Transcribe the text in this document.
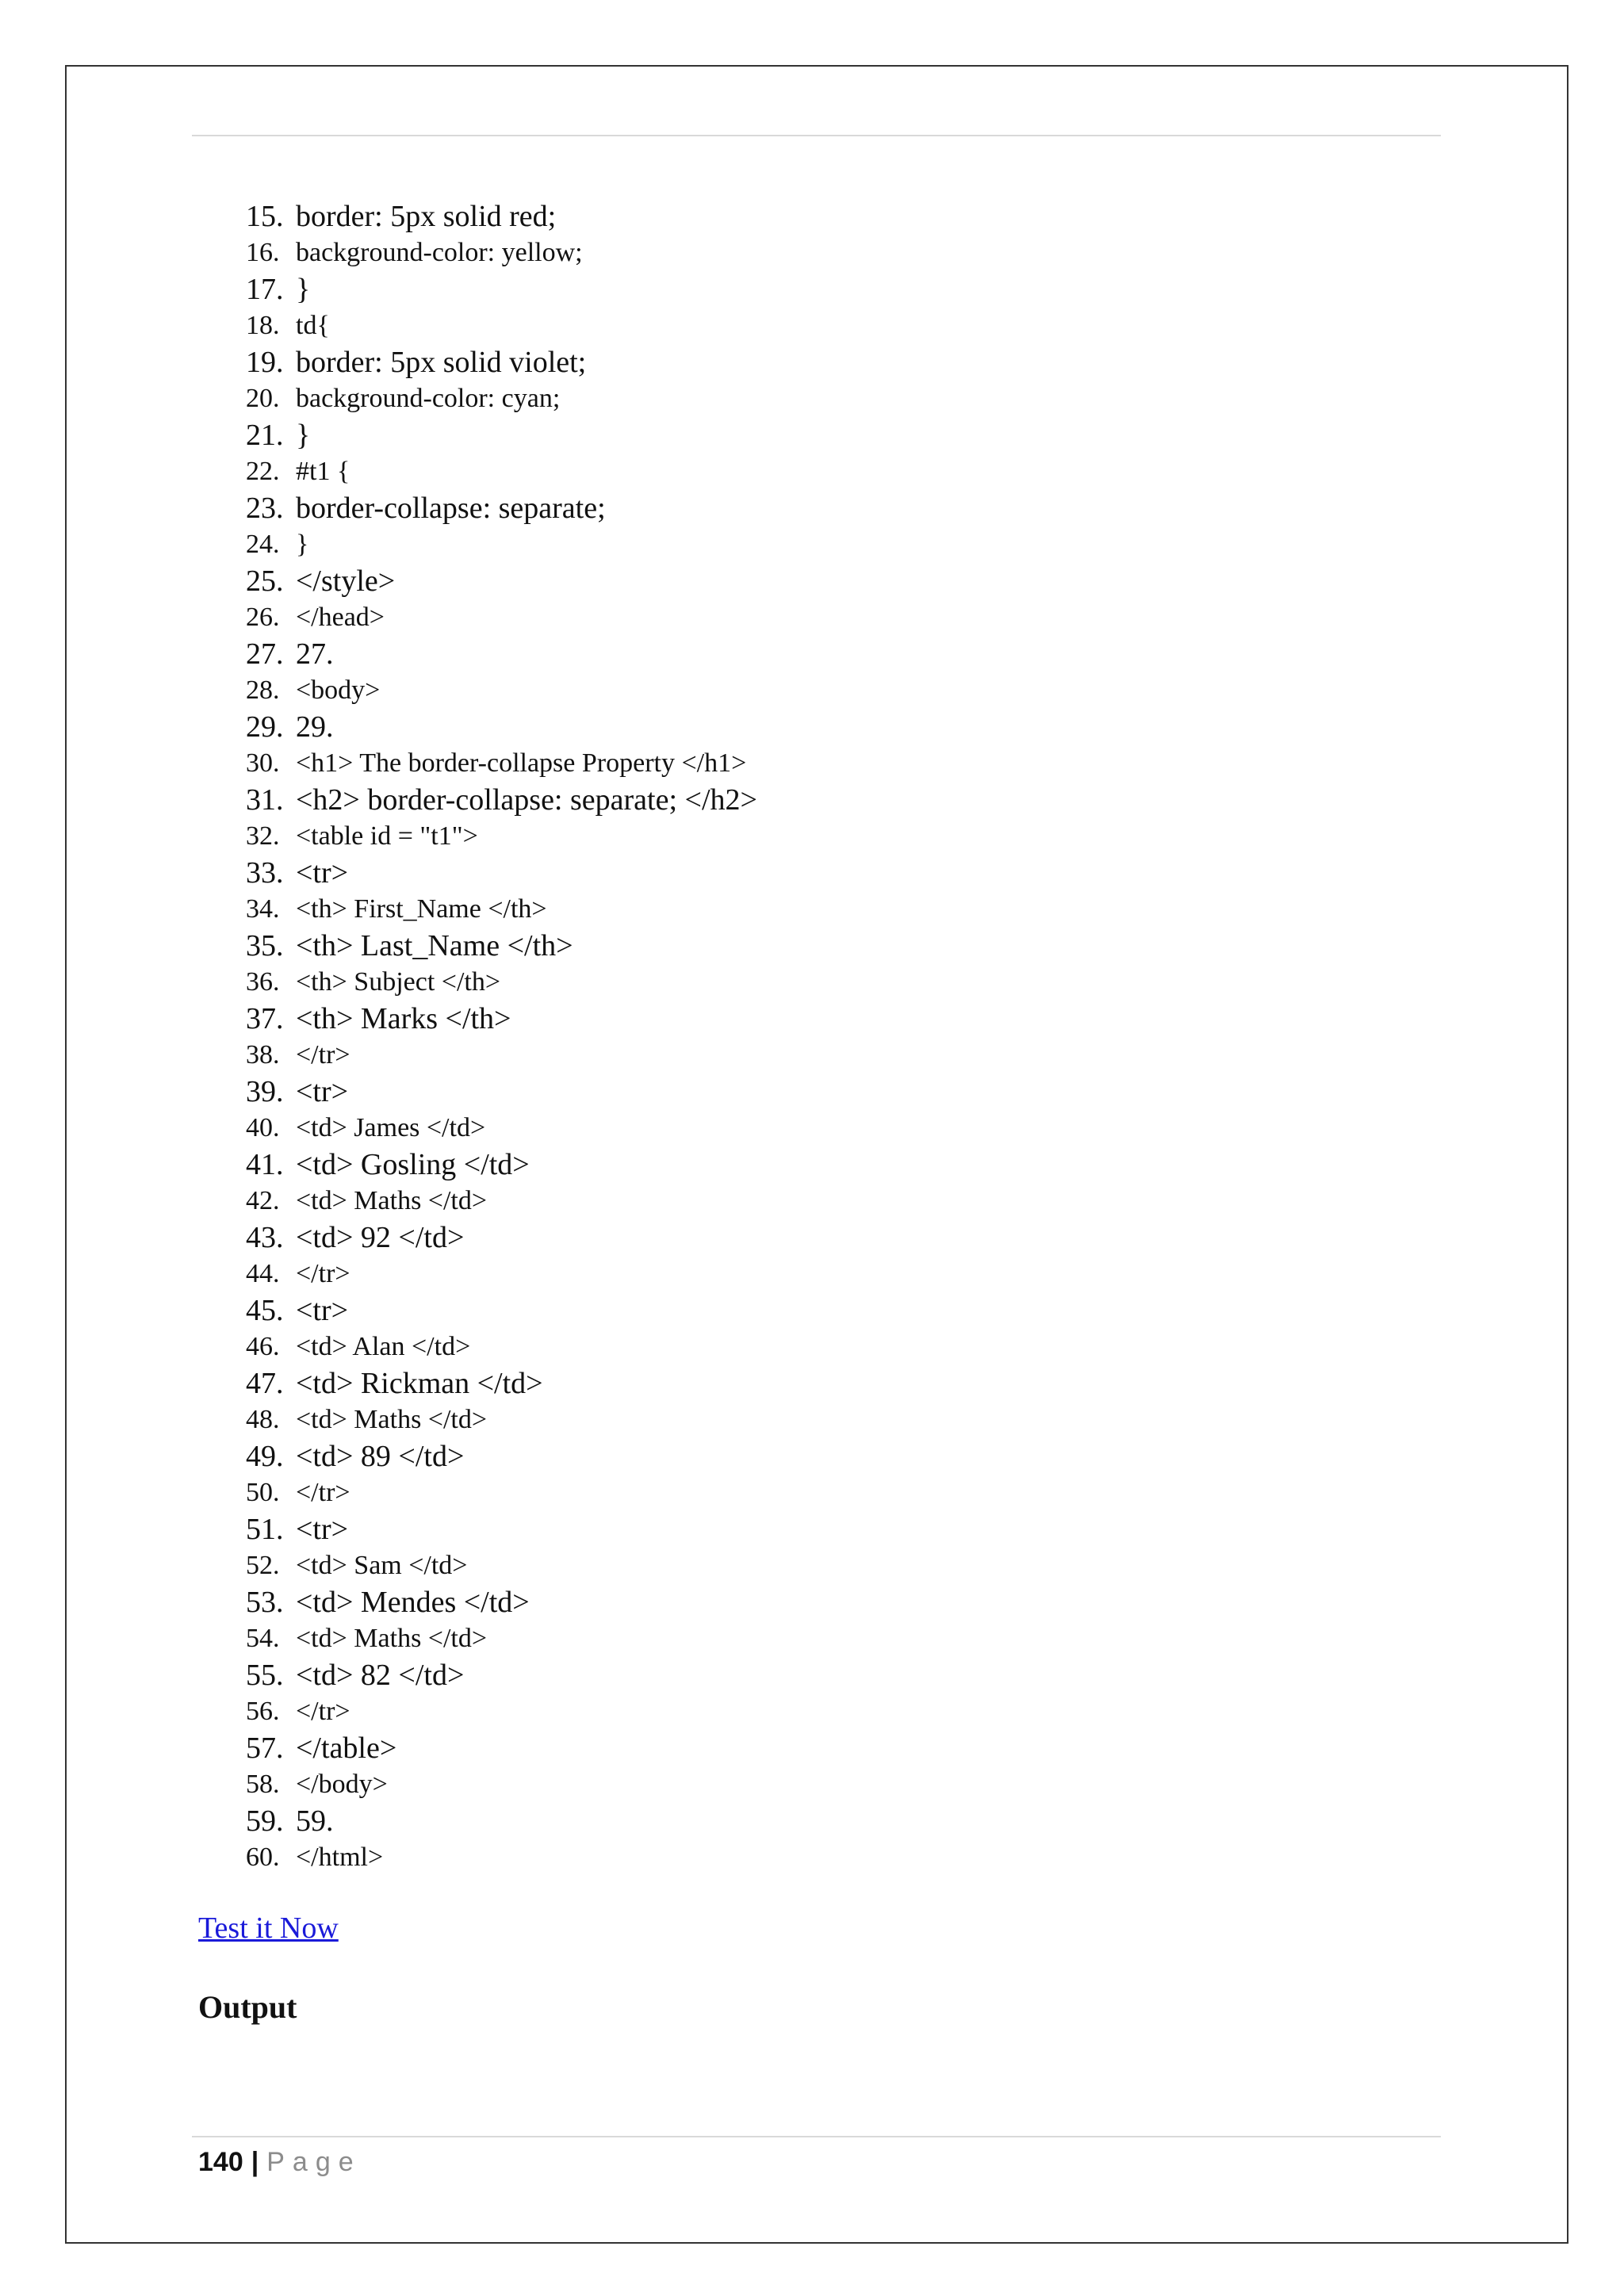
15. border: 5px solid red;
16. background-color: yellow;
17. }
18. td{
19. border: 5px solid violet;
20. background-color: cyan;
21. }
22. #t1 {
23. border-collapse: separate;
24. }
25. </style>
26. </head>
27. 27.
28. <body>
29. 29.
30. <h1> The border-collapse Property </h1>
31. <h2> border-collapse: separate; </h2>
32. <table id = "t1">
33. <tr>
34. <th> First_Name </th>
35. <th> Last_Name </th>
36. <th> Subject </th>
37. <th> Marks </th>
38. </tr>
39. <tr>
40. <td> James </td>
41. <td> Gosling </td>
42. <td> Maths </td>
43. <td> 92 </td>
44. </tr>
45. <tr>
46. <td> Alan </td>
47. <td> Rickman </td>
48. <td> Maths </td>
49. <td> 89 </td>
50. </tr>
51. <tr>
52. <td> Sam </td>
53. <td> Mendes </td>
54. <td> Maths </td>
55. <td> 82 </td>
56. </tr>
57. </table>
58. </body>
59. 59.
60. </html>
Test it Now
Output
140 | Page
